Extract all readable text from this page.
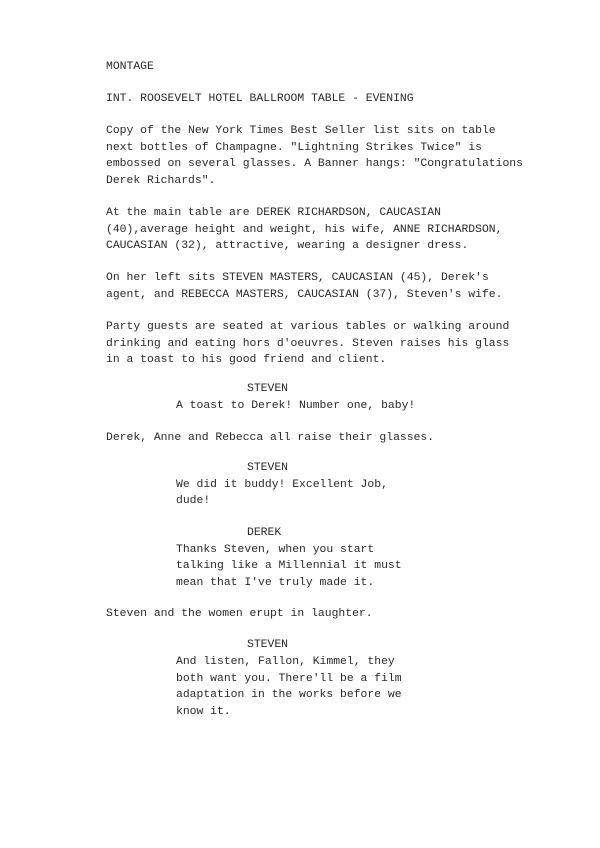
MONTAGE
INT. ROOSEVELT HOTEL BALLROOM TABLE - EVENING
Copy of the New York Times Best Seller list sits on table
next bottles of Champagne. "Lightning Strikes Twice" is
embossed on several glasses. A Banner hangs: "Congratulations
Derek Richards".
At the main table are DEREK RICHARDSON, CAUCASIAN
(40),average height and weight, his wife, ANNE RICHARDSON,
CAUCASIAN (32), attractive, wearing a designer dress.
On her left sits STEVEN MASTERS, CAUCASIAN (45), Derek's
agent, and REBECCA MASTERS, CAUCASIAN (37), Steven's wife.
Party guests are seated at various tables or walking around
drinking and eating hors d'oeuvres. Steven raises his glass
in a toast to his good friend and client.
STEVEN
A toast to Derek! Number one, baby!
Derek, Anne and Rebecca all raise their glasses.
STEVEN
We did it buddy! Excellent Job,
dude!
DEREK
Thanks Steven, when you start
talking like a Millennial it must
mean that I've truly made it.
Steven and the women erupt in laughter.
STEVEN
And listen, Fallon, Kimmel, they
both want you. There'll be a film
adaptation in the works before we
know it.
